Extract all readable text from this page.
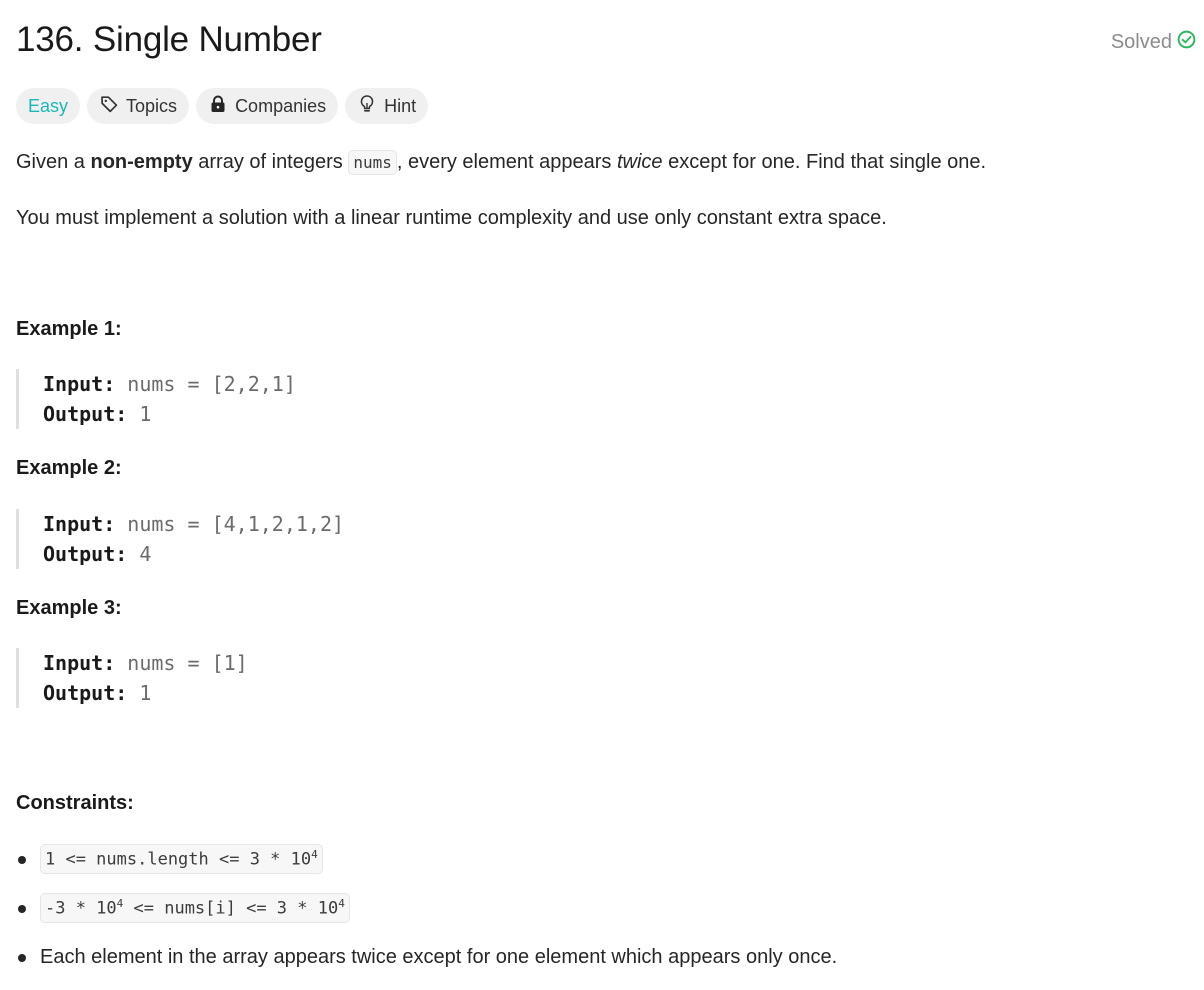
136. Single Number	Solved
Easy	Topics	Companies	Hint

Given a non-empty array of integers nums , every element appears twice except for one. Find that single one.

You must implement a solution with a linear runtime complexity and use only constant extra space.

Example 1:

Input: nums = [2,2,1]
Output: 1

Example 2:

Input: nums = [4,1,2,1,2]
Output: 4

Example 3:

Input: nums = [1]
Output: 1

Constraints:

1 <= nums.length <= $3 * 10^4$
$-3 * 10^4$ <= nums[i] <= $3 * 10^4$
Each element in the array appears twice except for one element which appears only once.
